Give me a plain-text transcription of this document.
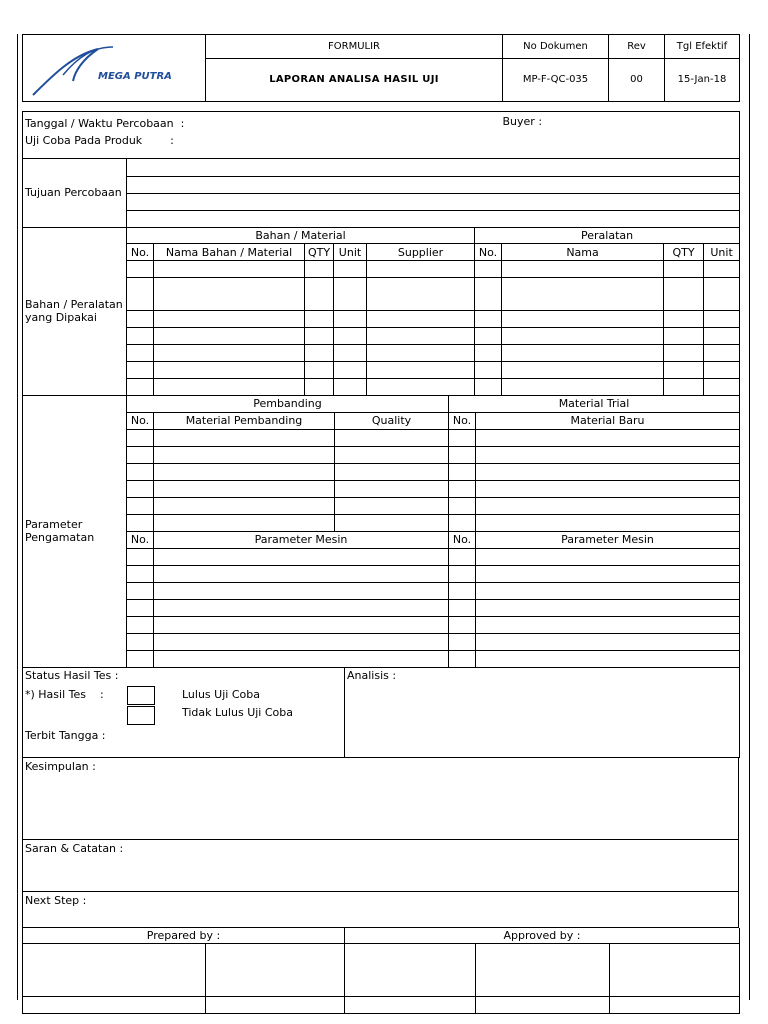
MEGA PUTRA	FORMULIR	No Dokumen	Rev	Tgl Efektif
	LAPORAN ANALISA HASIL UJI	MP-F-QC-035	00	15-Jan-18
Tanggal / Waktu Percobaan  :
Uji Coba Pada Produk        :
	Buyer :
Tujuan Percobaan	

Bahan / Peralatan yang Dipakai	Bahan / Material					Peralatan			
	No.	Nama Bahan / Material	QTY	Unit	Supplier	No.	Nama	QTY	Unit

Parameter Pengamatan	Pembanding			Material Trial	
	No.	Material Pembanding	Quality	No.	Material Baru

	No.	Parameter Mesin		No.	Parameter Mesin

Status Hasil Tes :
*) Hasil Tes    :	Lulus Uji Coba
Tidak Lulus Uji Coba
Terbit Tangga :
	Analisis :
Kesimpulan :
Saran & Catatan :
Next Step :
Prepared by :		Approved by :		
